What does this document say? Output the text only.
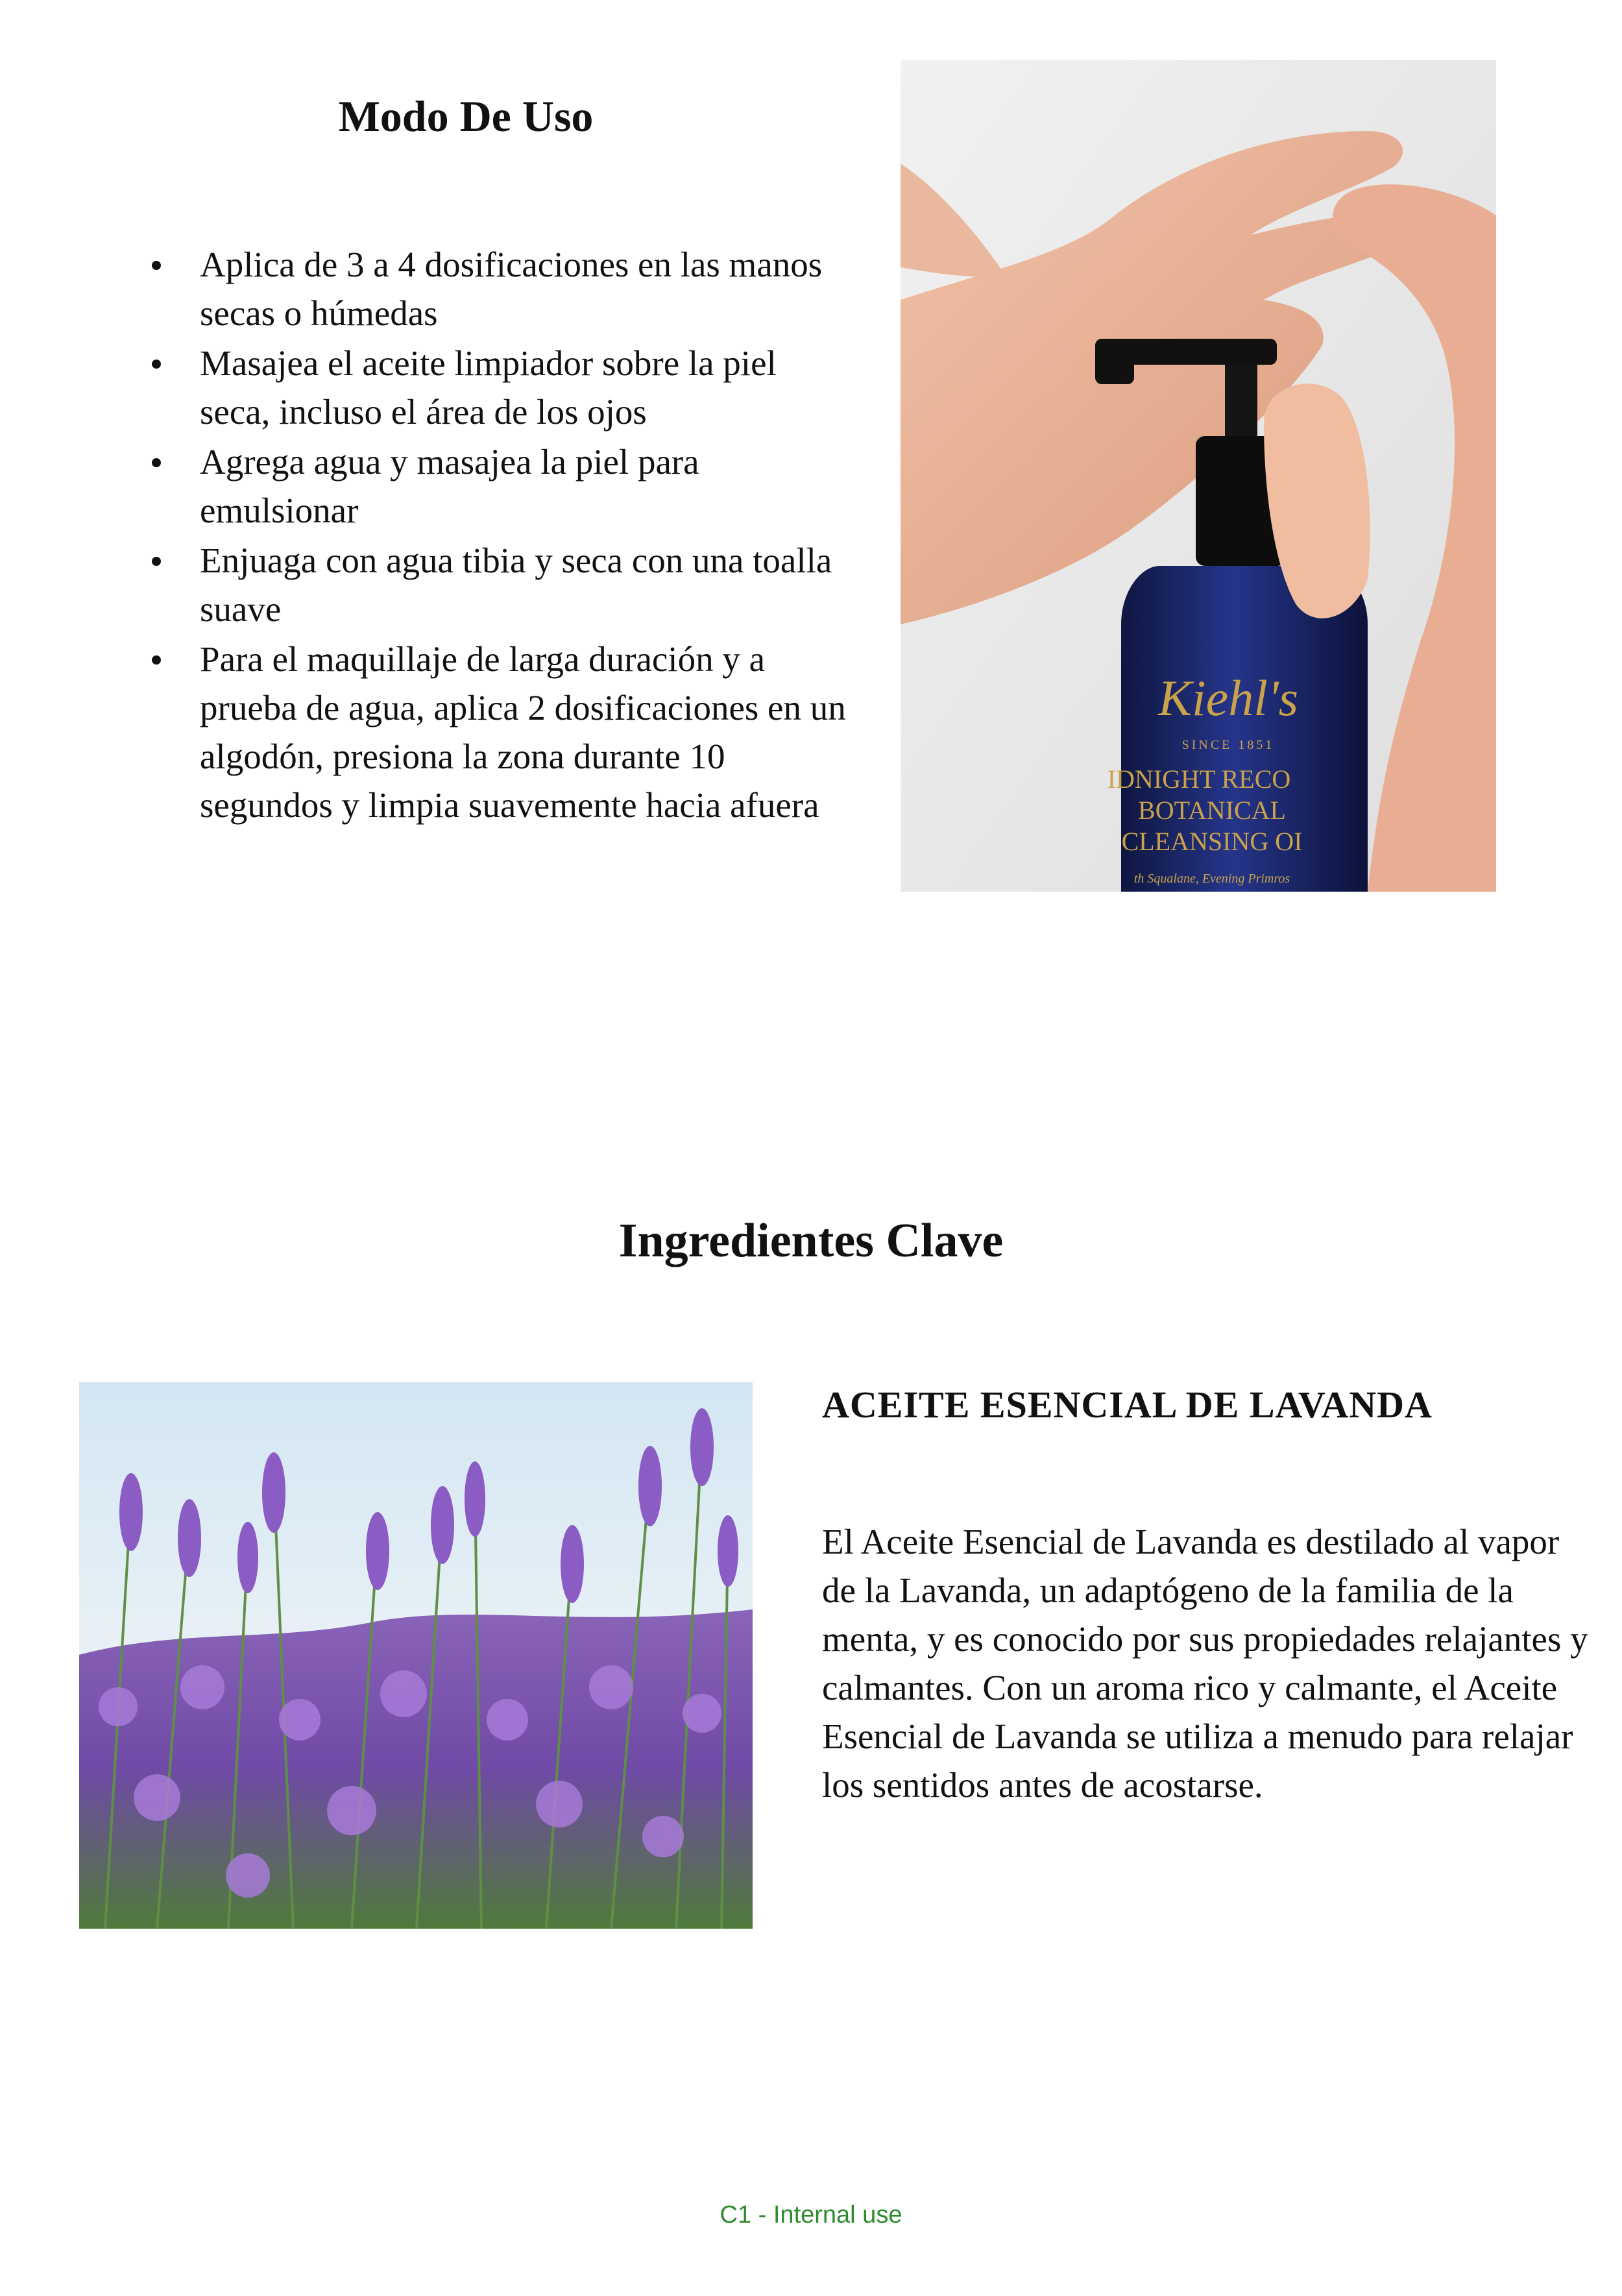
Modo De Uso
Aplica de 3 a 4 dosificaciones en las manos secas o húmedas
Masajea el aceite limpiador sobre la piel seca, incluso el área de los ojos
Agrega agua y masajea la piel para emulsionar
Enjuaga con agua tibia y seca con una toalla suave
Para el maquillaje de larga duración y a prueba de agua, aplica 2 dosificaciones en un algodón, presiona la zona durante 10 segundos y limpia suavemente hacia afuera
Kiehl's
SINCE 1851
IDNIGHT RECO
BOTANICAL
CLEANSING OI
th Squalane, Evening Primros
Ingredientes Clave
ACEITE ESENCIAL DE LAVANDA

El Aceite Esencial de Lavanda es destilado al vapor de la Lavanda, un adaptógeno de la familia de la menta, y es conocido por sus propiedades relajantes y calmantes. Con un aroma rico y calmante, el Aceite Esencial de Lavanda se utiliza a menudo para relajar los sentidos antes de acostarse.

C1 - Internal use
